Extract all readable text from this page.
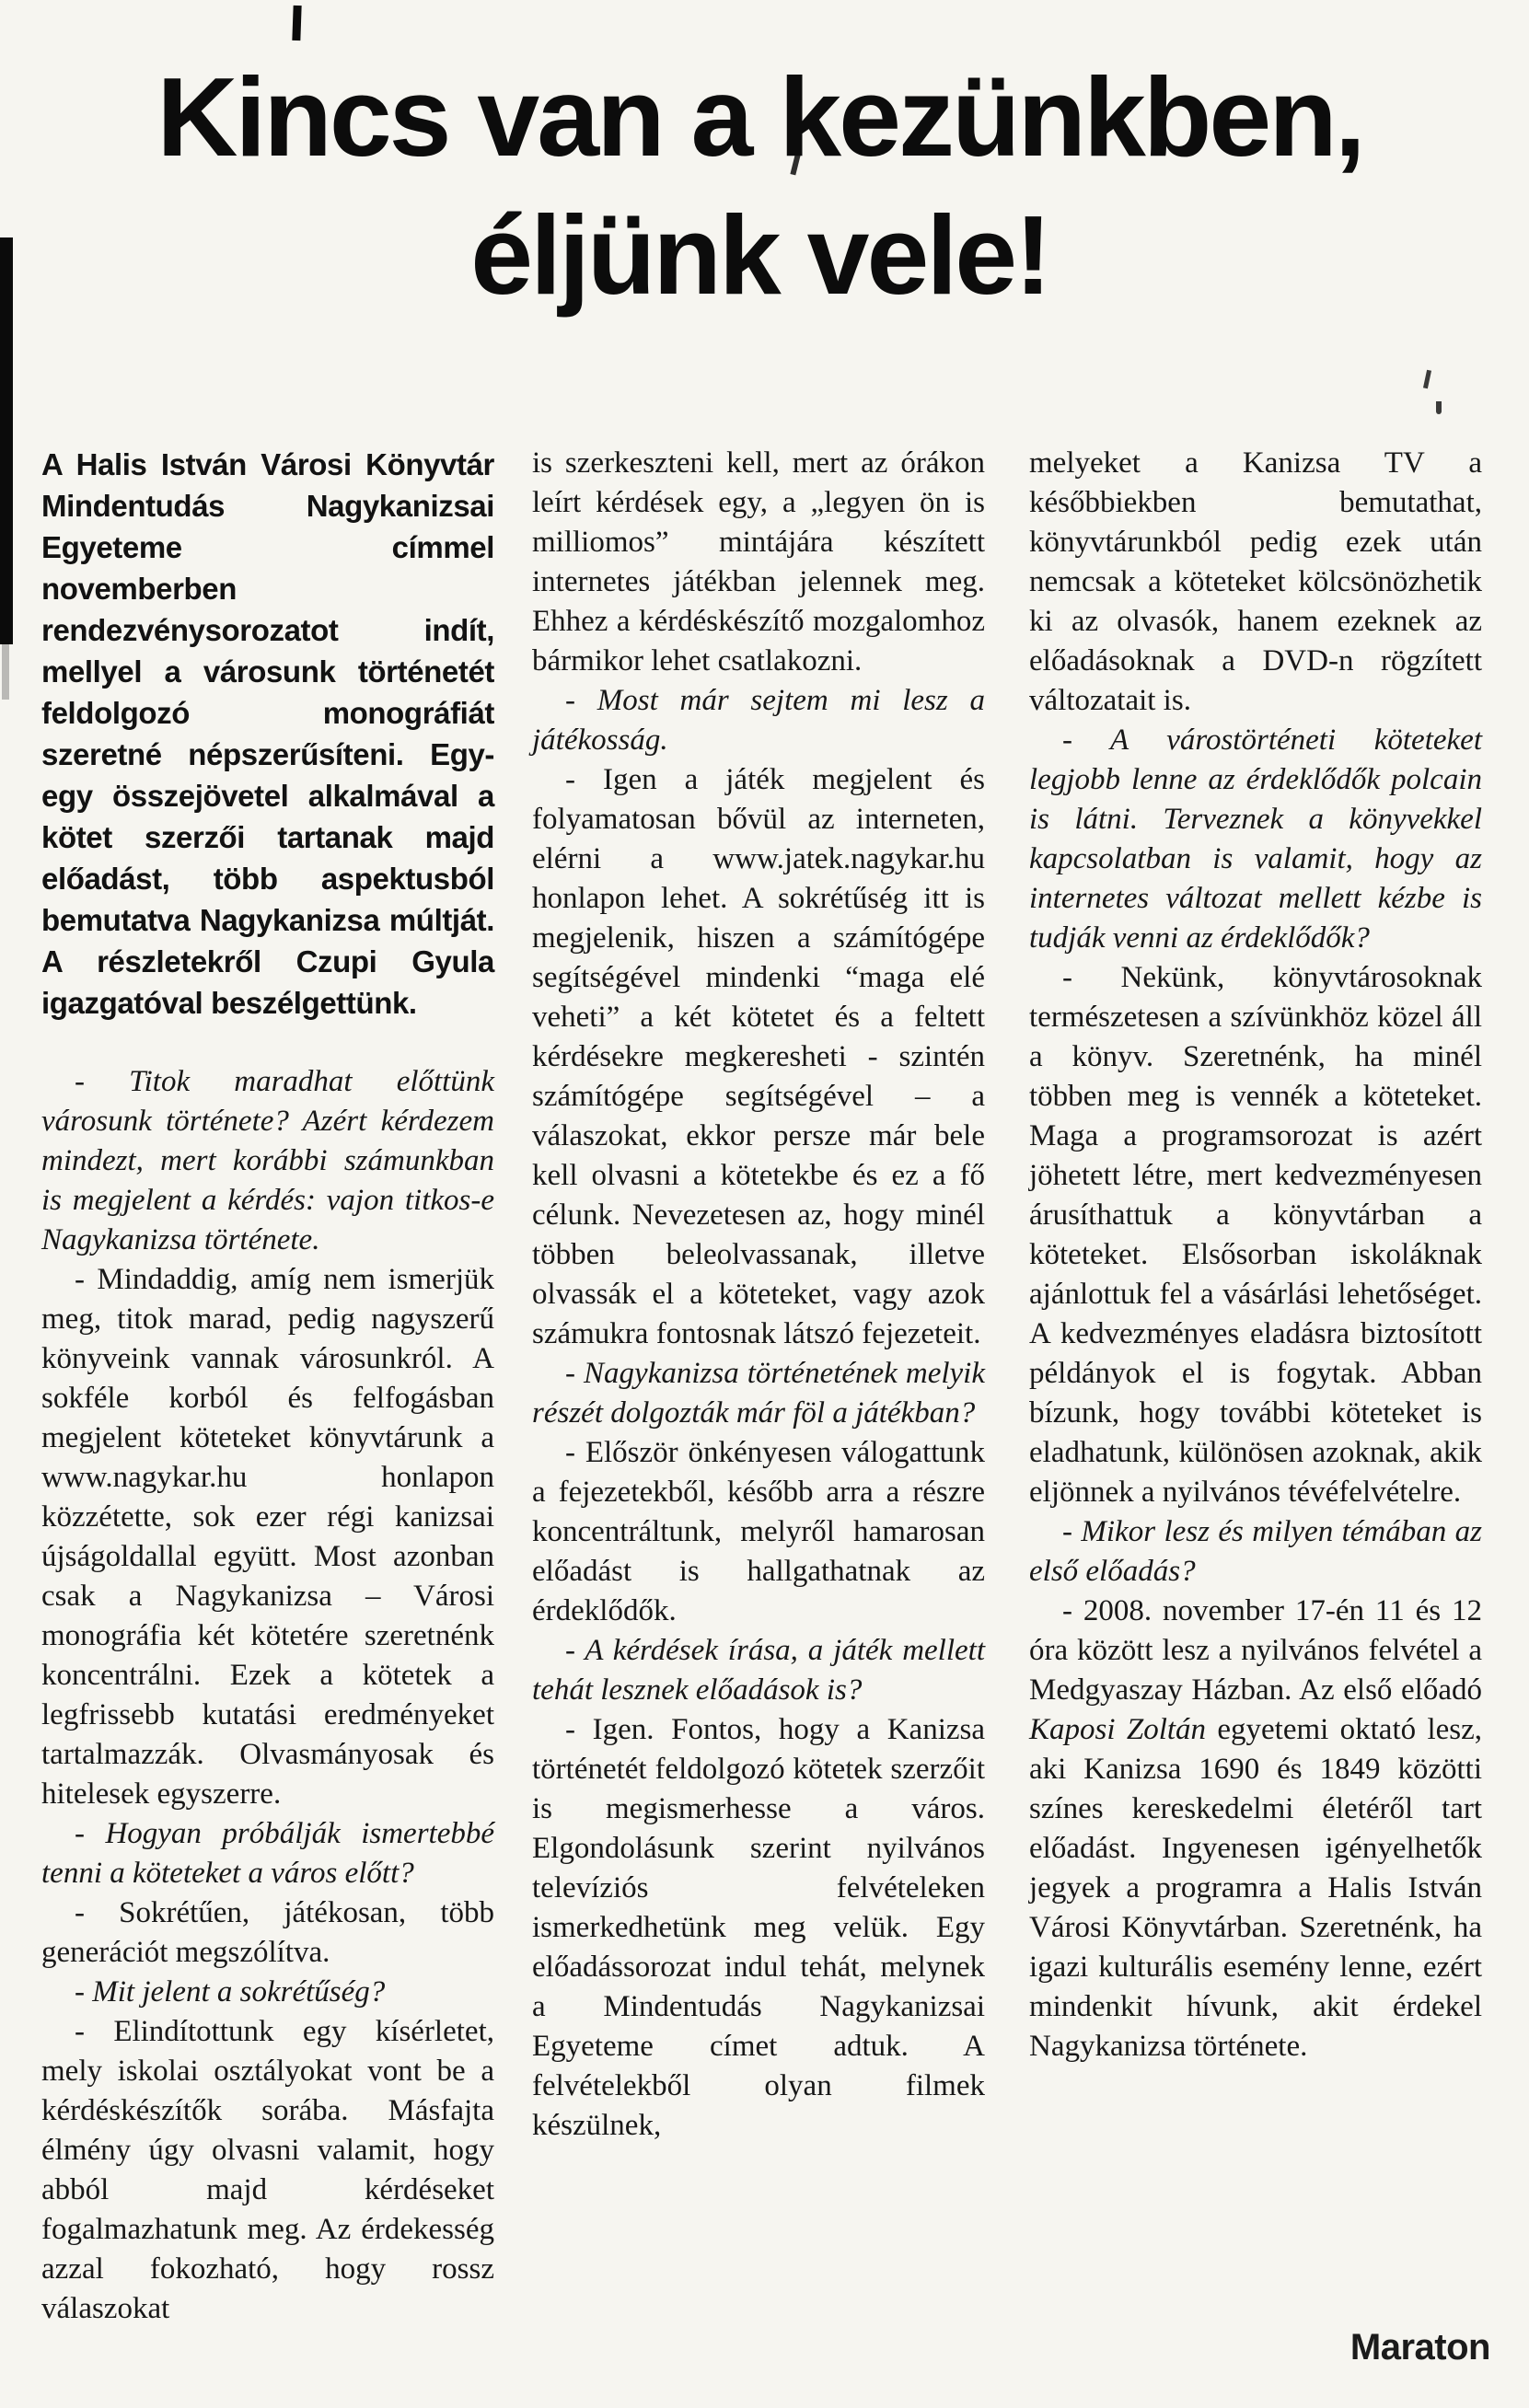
Kincs van a kezünkben,
éljünk vele!

A Halis István Városi Könyvtár Mindentudás Nagykanizsai Egyeteme címmel novemberben rendezvénysorozatot indít, mellyel a városunk történetét feldolgozó monográfiát szeretné népszerűsíteni. Egy-egy összejövetel alkalmával a kötet szerzői tartanak majd előadást, több aspektusból bemutatva Nagykanizsa múltját. A részletekről Czupi Gyula igazgatóval beszélgettünk.

- Titok maradhat előttünk városunk története? Azért kérdezem mindezt, mert korábbi számunkban is megjelent a kérdés: vajon titkos-e Nagykanizsa története.

- Mindaddig, amíg nem ismerjük meg, titok marad, pedig nagyszerű könyveink vannak városunkról. A sokféle korból és felfogásban megjelent köteteket könyvtárunk a www.nagykar.hu honlapon közzétette, sok ezer régi kanizsai újságoldallal együtt. Most azonban csak a Nagykanizsa – Városi monográfia két kötetére szeretnénk koncentrálni. Ezek a kötetek a legfrissebb kutatási eredményeket tartalmazzák. Olvasmányosak és hitelesek egyszerre.

- Hogyan próbálják ismertebbé tenni a köteteket a város előtt?

- Sokrétűen, játékosan, több generációt megszólítva.

- Mit jelent a sokrétűség?

- Elindítottunk egy kísérletet, mely iskolai osztályokat vont be a kérdéskészítők sorába. Másfajta élmény úgy olvasni valamit, hogy abból majd kérdéseket fogalmazhatunk meg. Az érdekesség azzal fokozható, hogy rossz válaszokat

is szerkeszteni kell, mert az órákon leírt kérdések egy, a „legyen ön is milliomos” mintájára készített internetes játékban jelennek meg. Ehhez a kérdéskészítő mozgalomhoz bármikor lehet csatlakozni.

- Most már sejtem mi lesz a játékosság.

- Igen a játék megjelent és folyamatosan bővül az interneten, elérni a www.jatek.nagykar.hu honlapon lehet. A sokrétűség itt is megjelenik, hiszen a számítógépe segítségével mindenki “maga elé veheti” a két kötetet és a feltett kérdésekre megkeresheti - szintén számítógépe segítségével – a válaszokat, ekkor persze már bele kell olvasni a kötetekbe és ez a fő célunk. Nevezetesen az, hogy minél többen beleolvassanak, illetve olvassák el a köteteket, vagy azok számukra fontosnak látszó fejezeteit.

- Nagykanizsa történetének melyik részét dolgozták már föl a játékban?

- Először önkényesen válogattunk a fejezetekből, később arra a részre koncentráltunk, melyről hamarosan előadást is hallgathatnak az érdeklődők.

- A kérdések írása, a játék mellett tehát lesznek előadások is?

- Igen. Fontos, hogy a Kanizsa történetét feldolgozó kötetek szerzőit is megismerhesse a város. Elgondolásunk szerint nyilvános televíziós felvételeken ismerkedhetünk meg velük. Egy előadássorozat indul tehát, melynek a Mindentudás Nagykanizsai Egyeteme címet adtuk. A felvételekből olyan filmek készülnek,

melyeket a Kanizsa TV a későbbiekben bemutathat, könyvtárunkból pedig ezek után nemcsak a köteteket kölcsönözhetik ki az olvasók, hanem ezeknek az előadásoknak a DVD-n rögzített változatait is.

- A várostörténeti köteteket legjobb lenne az érdeklődők polcain is látni. Terveznek a könyvekkel kapcsolatban is valamit, hogy az internetes változat mellett kézbe is tudják venni az érdeklődők?

- Nekünk, könyvtárosoknak természetesen a szívünkhöz közel áll a könyv. Szeretnénk, ha minél többen meg is vennék a köteteket. Maga a programsorozat is azért jöhetett létre, mert kedvezményesen árusíthattuk a könyvtárban a köteteket. Elsősorban iskoláknak ajánlottuk fel a vásárlási lehetőséget. A kedvezményes eladásra biztosított példányok el is fogytak. Abban bízunk, hogy további köteteket is eladhatunk, különösen azoknak, akik eljönnek a nyilvános tévéfelvételre.

- Mikor lesz és milyen témában az első előadás?

- 2008. november 17-én 11 és 12 óra között lesz a nyilvános felvétel a Medgyaszay Házban. Az első előadó Kaposi Zoltán egyetemi oktató lesz, aki Kanizsa 1690 és 1849 közötti színes kereskedelmi életéről tart előadást. Ingyenesen igényelhetők jegyek a programra a Halis István Városi Könyvtárban. Szeretnénk, ha igazi kulturális esemény lenne, ezért mindenkit hívunk, akit érdekel Nagykanizsa története.

Maraton
